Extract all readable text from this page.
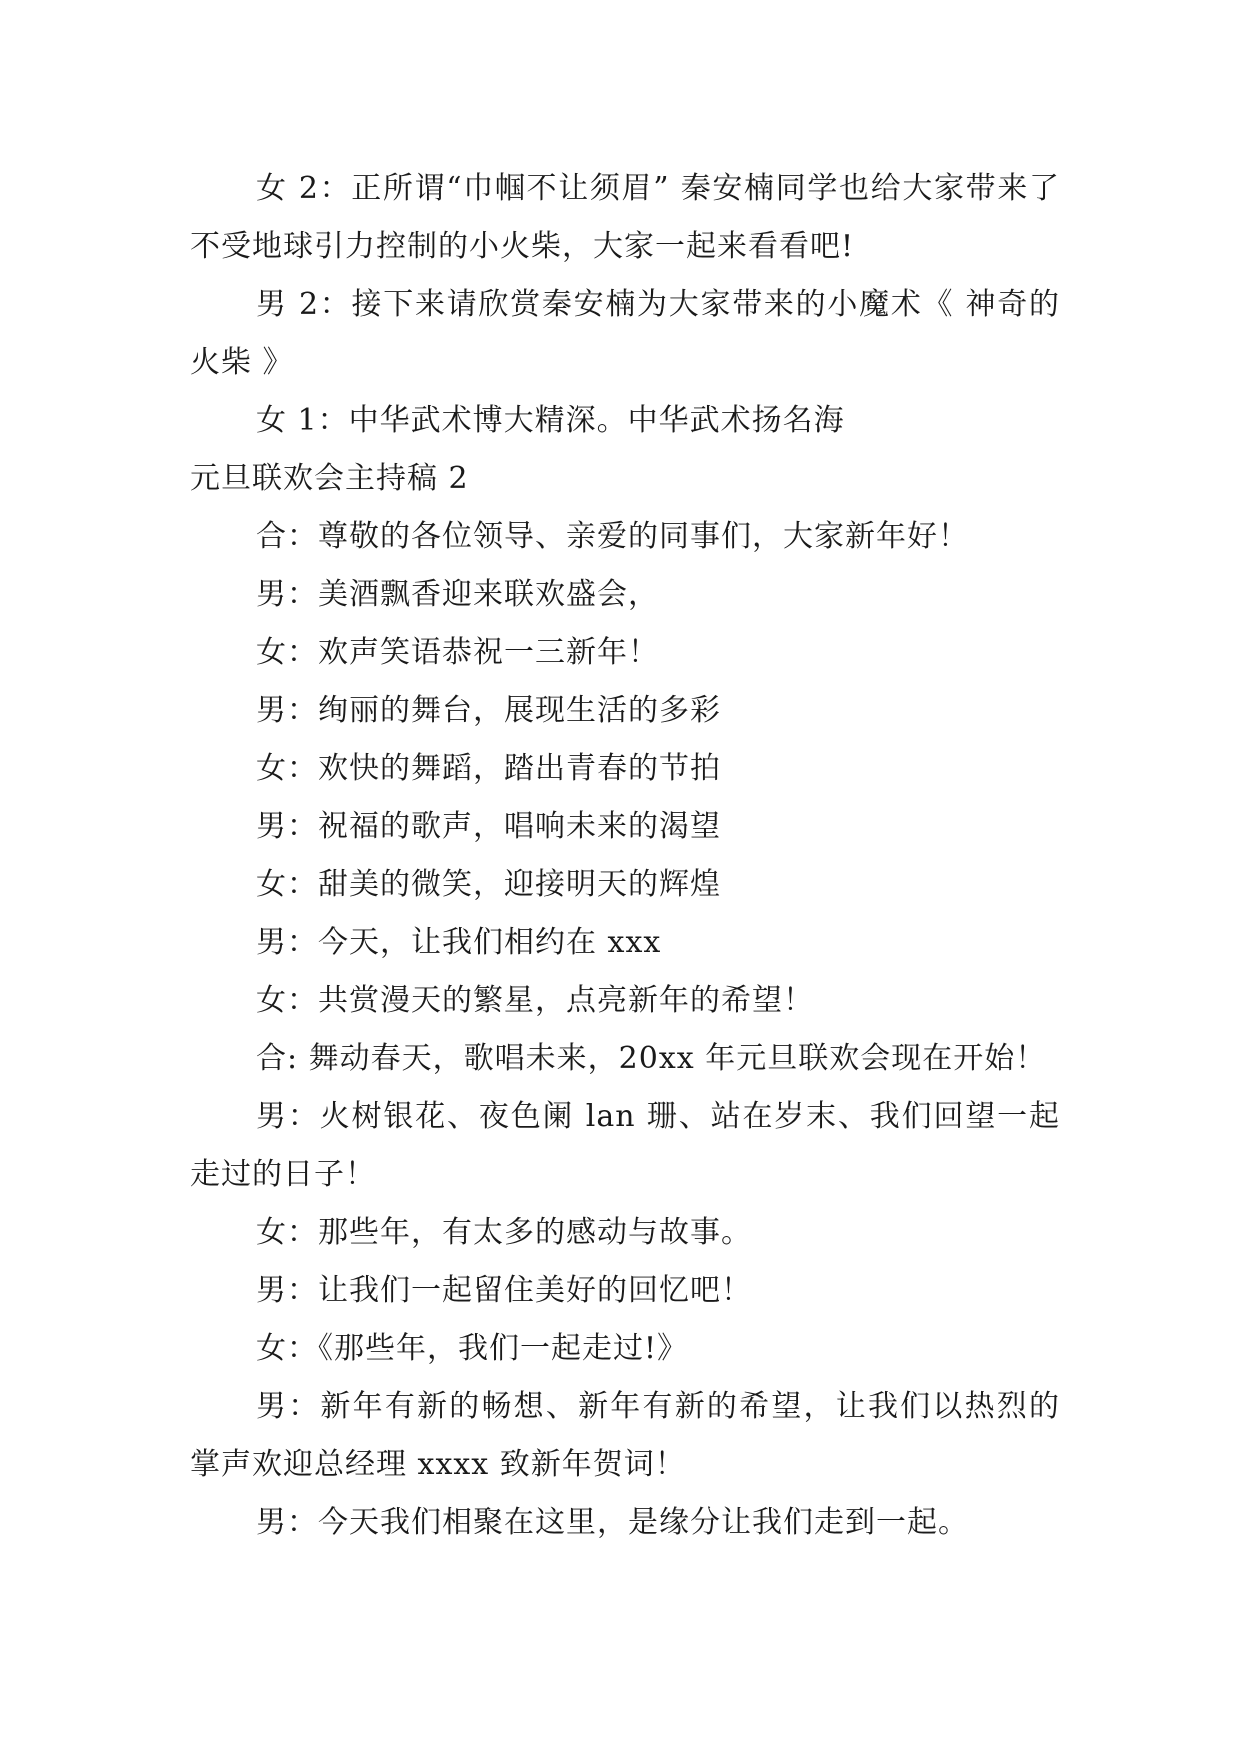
女 2：正所谓“巾帼不让须眉” 秦安楠同学也给大家带来了不受地球引力控制的小火柴，大家一起来看看吧!

男 2：接下来请欣赏秦安楠为大家带来的小魔术《 神奇的火柴 》

女 1：中华武术博大精深。中华武术扬名海

元旦联欢会主持稿 2

合：尊敬的各位领导、亲爱的同事们，大家新年好！

男：美酒飘香迎来联欢盛会，

女：欢声笑语恭祝一三新年！

男：绚丽的舞台，展现生活的多彩

女：欢快的舞蹈，踏出青春的节拍

男：祝福的歌声，唱响未来的渴望

女：甜美的微笑，迎接明天的辉煌

男：今天，让我们相约在 xxx

女：共赏漫天的繁星，点亮新年的希望！

合: 舞动春天，歌唱未来，20xx 年元旦联欢会现在开始！

男：火树银花、夜色阑 lan 珊、站在岁末、我们回望一起走过的日子！

女：那些年，有太多的感动与故事。

男：让我们一起留住美好的回忆吧！

女：《那些年，我们一起走过!》

男：新年有新的畅想、新年有新的希望，让我们以热烈的掌声欢迎总经理 xxxx 致新年贺词！

男：今天我们相聚在这里，是缘分让我们走到一起。
